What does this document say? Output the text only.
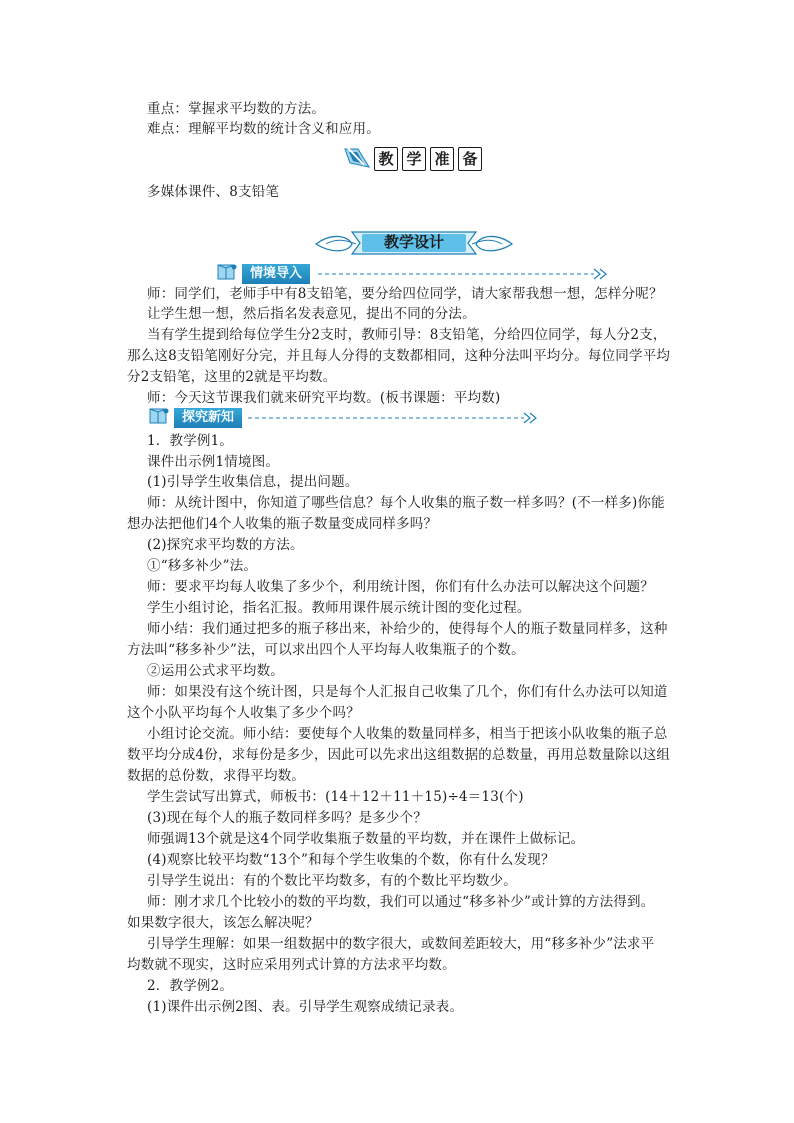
重点：掌握求平均数的方法。
难点：理解平均数的统计含义和应用。
教 学 准 备
多媒体课件、8支铅笔
教学设计
情境导入
师：同学们，老师手中有8支铅笔，要分给四位同学，请大家帮我想一想，怎样分呢？
让学生想一想，然后指名发表意见，提出不同的分法。
当有学生提到给每位学生分2支时，教师引导：8支铅笔，分给四位同学，每人分2支，
那么这8支铅笔刚好分完，并且每人分得的支数都相同，这种分法叫平均分。每位同学平均
分2支铅笔，这里的2就是平均数。
师：今天这节课我们就来研究平均数。(板书课题：平均数)
探究新知
1．教学例1。
课件出示例1情境图。
(1)引导学生收集信息，提出问题。
师：从统计图中，你知道了哪些信息？每个人收集的瓶子数一样多吗？(不一样多)你能
想办法把他们4个人收集的瓶子数量变成同样多吗？
(2)探究求平均数的方法。
①“移多补少”法。
师：要求平均每人收集了多少个，利用统计图，你们有什么办法可以解决这个问题？
学生小组讨论，指名汇报。教师用课件展示统计图的变化过程。
师小结：我们通过把多的瓶子移出来，补给少的，使得每个人的瓶子数量同样多，这种
方法叫“移多补少”法，可以求出四个人平均每人收集瓶子的个数。
②运用公式求平均数。
师：如果没有这个统计图，只是每个人汇报自己收集了几个，你们有什么办法可以知道
这个小队平均每个人收集了多少个吗？
小组讨论交流。师小结：要使每个人收集的数量同样多，相当于把该小队收集的瓶子总
数平均分成4份，求每份是多少，因此可以先求出这组数据的总数量，再用总数量除以这组
数据的总份数，求得平均数。
学生尝试写出算式，师板书：(14＋12＋11＋15)÷4＝13(个)
(3)现在每个人的瓶子数同样多吗？是多少个？
师强调13个就是这4个同学收集瓶子数量的平均数，并在课件上做标记。
(4)观察比较平均数“13个”和每个学生收集的个数，你有什么发现？
引导学生说出：有的个数比平均数多，有的个数比平均数少。
师：刚才求几个比较小的数的平均数，我们可以通过“移多补少”或计算的方法得到。
如果数字很大，该怎么解决呢？
引导学生理解：如果一组数据中的数字很大，或数间差距较大，用“移多补少”法求平
均数就不现实，这时应采用列式计算的方法求平均数。
2．教学例2。
(1)课件出示例2图、表。引导学生观察成绩记录表。
